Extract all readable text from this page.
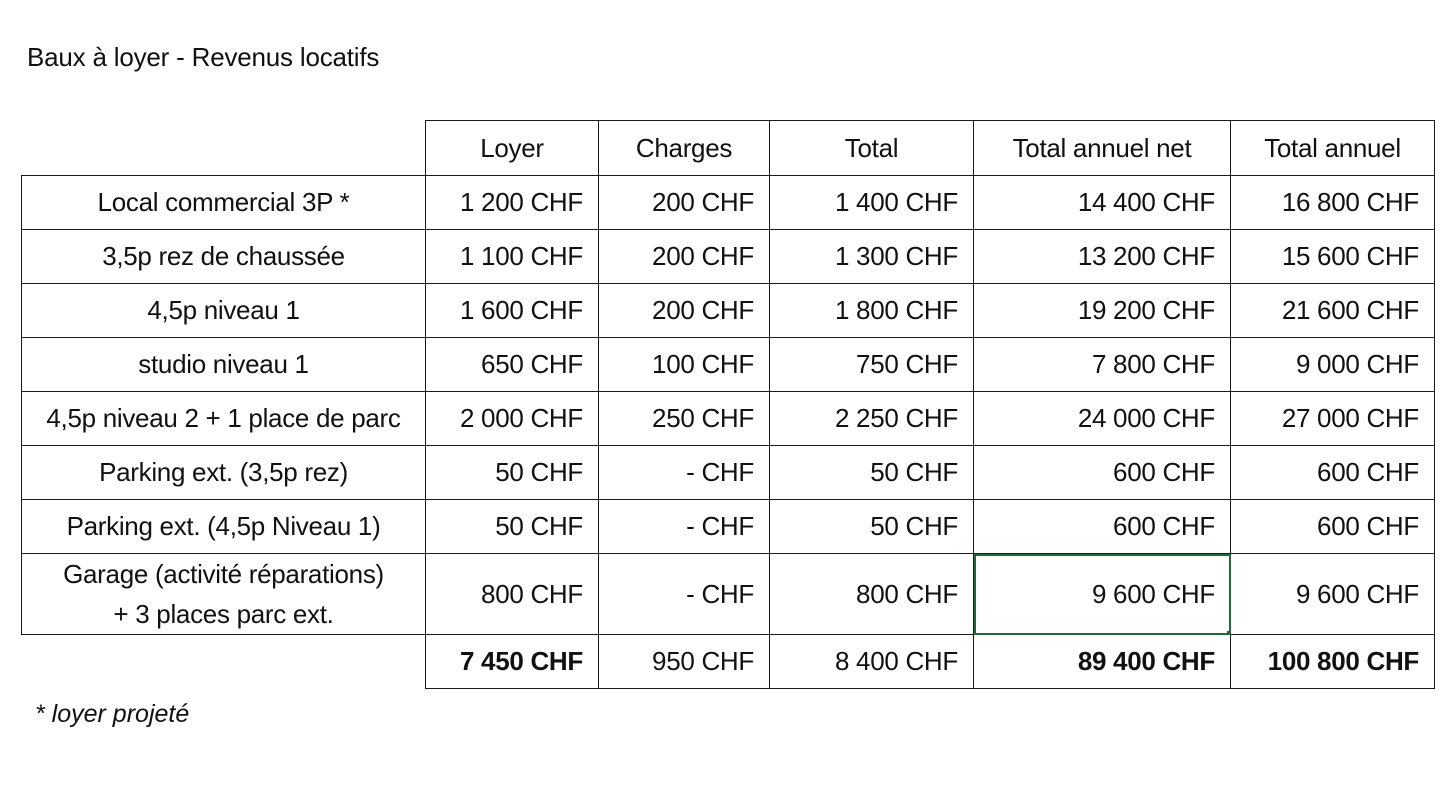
Baux à loyer - Revenus locatifs
	Loyer	Charges	Total	Total annuel net	Total annuel
Local commercial 3P *	1 200 CHF	200 CHF	1 400 CHF	14 400 CHF	16 800 CHF
3,5p rez de chaussée	1 100 CHF	200 CHF	1 300 CHF	13 200 CHF	15 600 CHF
4,5p niveau 1	1 600 CHF	200 CHF	1 800 CHF	19 200 CHF	21 600 CHF
studio niveau 1	650 CHF	100 CHF	750 CHF	7 800 CHF	9 000 CHF
4,5p niveau 2 + 1 place de parc	2 000 CHF	250 CHF	2 250 CHF	24 000 CHF	27 000 CHF
Parking ext. (3,5p rez)	50 CHF	- CHF	50 CHF	600 CHF	600 CHF
Parking ext. (4,5p Niveau 1)	50 CHF	- CHF	50 CHF	600 CHF	600 CHF

Garage (activité réparations)
+ 3 places parc ext.	800 CHF	- CHF	800 CHF	9 600 CHF	9 600 CHF
	7 450 CHF	950 CHF	8 400 CHF	89 400 CHF	100 800 CHF
* loyer projeté
